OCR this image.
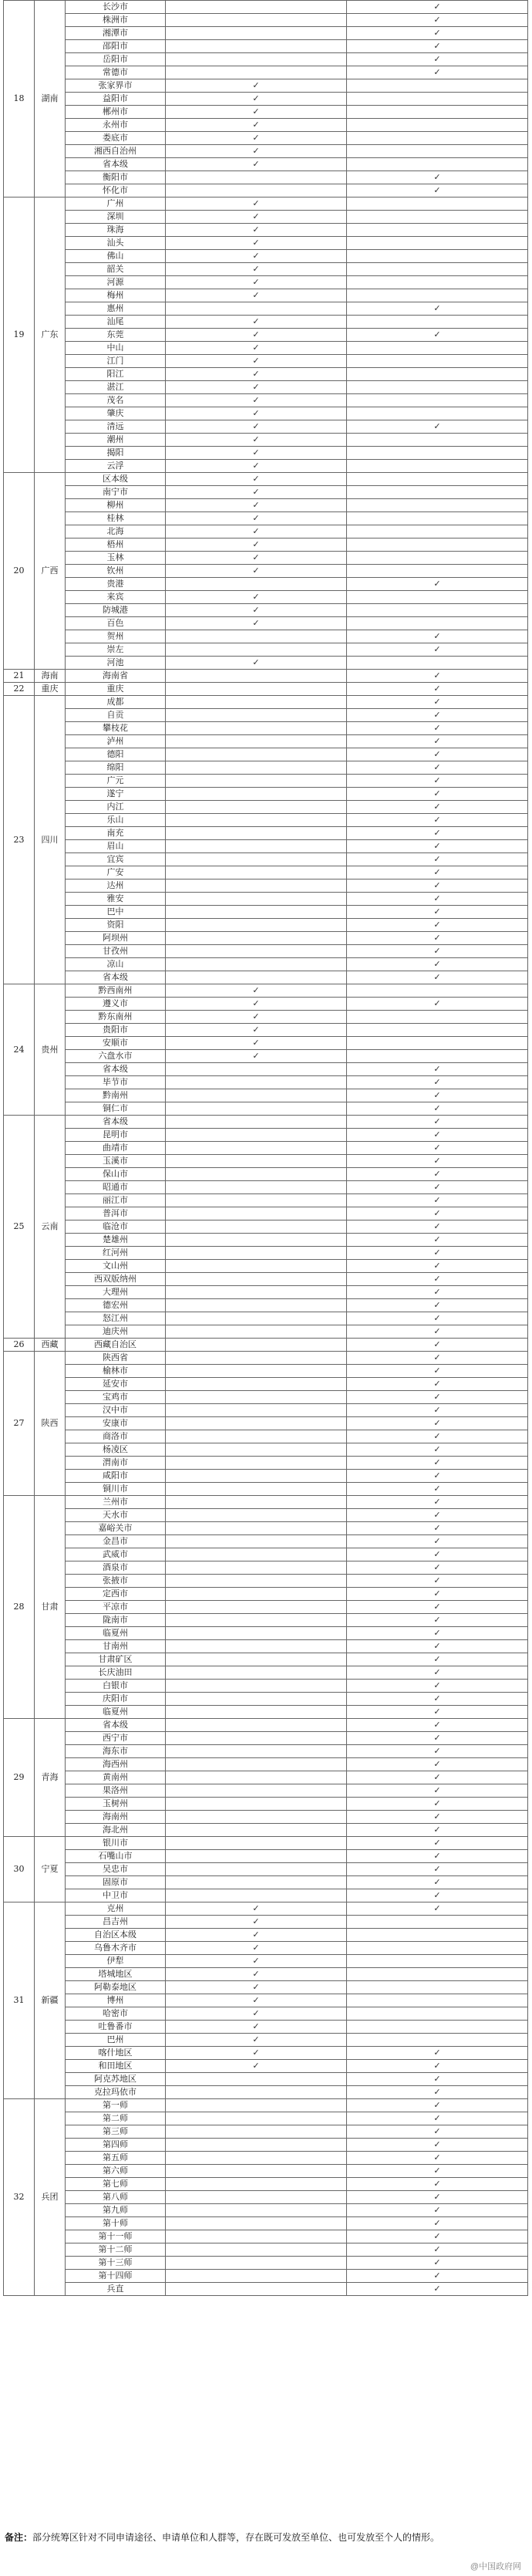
18	湖南	长沙市		✓
		株洲市		✓
		湘潭市		✓
		邵阳市		✓
		岳阳市		✓
		常德市		✓
		张家界市	✓	
		益阳市	✓	
		郴州市	✓	
		永州市	✓	
		娄底市	✓	
		湘西自治州	✓	
		省本级	✓	
		衡阳市		✓
		怀化市		✓
19	广东	广州	✓	
		深圳	✓	
		珠海	✓	
		汕头	✓	
		佛山	✓	
		韶关	✓	
		河源	✓	
		梅州	✓	
		惠州		✓
		汕尾	✓	
		东莞	✓	✓
		中山	✓	
		江门	✓	
		阳江	✓	
		湛江	✓	
		茂名	✓	
		肇庆	✓	
		清远	✓	✓
		潮州	✓	
		揭阳	✓	
		云浮	✓	
20	广西	区本级	✓	
		南宁市	✓	
		柳州	✓	
		桂林	✓	
		北海	✓	
		梧州	✓	
		玉林	✓	
		钦州	✓	
		贵港		✓
		来宾	✓	
		防城港	✓	
		百色	✓	
		贺州		✓
		崇左		✓
		河池	✓	
21	海南	海南省		✓
22	重庆	重庆		✓
23	四川	成都		✓
		自贡		✓
		攀枝花		✓
		泸州		✓
		德阳		✓
		绵阳		✓
		广元		✓
		遂宁		✓
		内江		✓
		乐山		✓
		南充		✓
		眉山		✓
		宜宾		✓
		广安		✓
		达州		✓
		雅安		✓
		巴中		✓
		资阳		✓
		阿坝州		✓
		甘孜州		✓
		凉山		✓
		省本级		✓
24	贵州	黔西南州	✓	
		遵义市	✓	✓
		黔东南州	✓	
		贵阳市	✓	
		安顺市	✓	
		六盘水市	✓	
		省本级		✓
		毕节市		✓
		黔南州		✓
		铜仁市		✓
25	云南	省本级		✓
		昆明市		✓
		曲靖市		✓
		玉溪市		✓
		保山市		✓
		昭通市		✓
		丽江市		✓
		普洱市		✓
		临沧市		✓
		楚雄州		✓
		红河州		✓
		文山州		✓
		西双版纳州		✓
		大理州		✓
		德宏州		✓
		怒江州		✓
		迪庆州		✓
26	西藏	西藏自治区		✓
27	陕西	陕西省		✓
		榆林市		✓
		延安市		✓
		宝鸡市		✓
		汉中市		✓
		安康市		✓
		商洛市		✓
		杨凌区		✓
		渭南市		✓
		咸阳市		✓
		铜川市		✓
28	甘肃	兰州市		✓
		天水市		✓
		嘉峪关市		✓
		金昌市		✓
		武威市		✓
		酒泉市		✓
		张掖市		✓
		定西市		✓
		平凉市		✓
		陇南市		✓
		临夏州		✓
		甘南州		✓
		甘肃矿区		✓
		长庆油田		✓
		白银市		✓
		庆阳市		✓
		临夏州		✓
29	青海	省本级		✓
		西宁市		✓
		海东市		✓
		海西州		✓
		黄南州		✓
		果洛州		✓
		玉树州		✓
		海南州		✓
		海北州		✓
30	宁夏	银川市		✓
		石嘴山市		✓
		吴忠市		✓
		固原市		✓
		中卫市		✓
31	新疆	克州	✓	✓
		昌吉州	✓	
		自治区本级	✓	
		乌鲁木齐市	✓	
		伊犁	✓	
		塔城地区	✓	
		阿勒泰地区	✓	
		博州	✓	
		哈密市	✓	
		吐鲁番市	✓	
		巴州	✓	
		喀什地区	✓	✓
		和田地区	✓	✓
		阿克苏地区		✓
		克拉玛依市		✓
32	兵团	第一师		✓
		第二师		✓
		第三师		✓
		第四师		✓
		第五师		✓
		第六师		✓
		第七师		✓
		第八师		✓
		第九师		✓
		第十师		✓
		第十一师		✓
		第十二师		✓
		第十三师		✓
		第十四师		✓
		兵直		✓
备注：部分统筹区针对不同申请途径、申请单位和人群等，存在既可发放至单位、也可发放至个人的情形。
@中国政府网
